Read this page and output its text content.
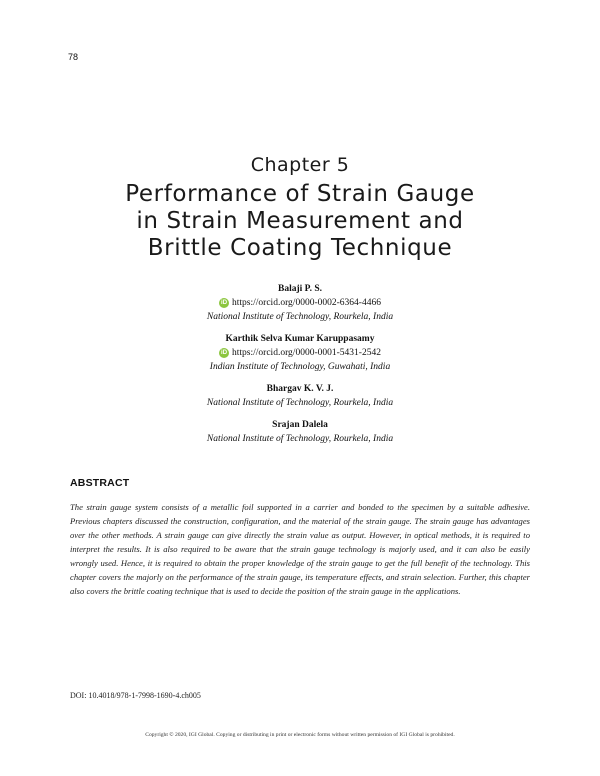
78
Chapter 5
Performance of Strain Gauge
in Strain Measurement and
Brittle Coating Technique
Balaji P. S.
iD https://orcid.org/0000-0002-6364-4466
National Institute of Technology, Rourkela, India
Karthik Selva Kumar Karuppasamy
iD https://orcid.org/0000-0001-5431-2542
Indian Institute of Technology, Guwahati, India
Bhargav K. V. J.
National Institute of Technology, Rourkela, India
Srajan Dalela
National Institute of Technology, Rourkela, India
ABSTRACT
The strain gauge system consists of a metallic foil supported in a carrier and bonded to the specimen by a suitable adhesive. Previous chapters discussed the construction, configuration, and the material of the strain gauge. The strain gauge has advantages over the other methods. A strain gauge can give directly the strain value as output. However, in optical methods, it is required to interpret the results. It is also required to be aware that the strain gauge technology is majorly used, and it can also be easily wrongly used. Hence, it is required to obtain the proper knowledge of the strain gauge to get the full benefit of the technology. This chapter covers the majorly on the performance of the strain gauge, its temperature effects, and strain selection. Further, this chapter also covers the brittle coating technique that is used to decide the position of the strain gauge in the applications.
DOI: 10.4018/978-1-7998-1690-4.ch005
Copyright © 2020, IGI Global. Copying or distributing in print or electronic forms without written permission of IGI Global is prohibited.
